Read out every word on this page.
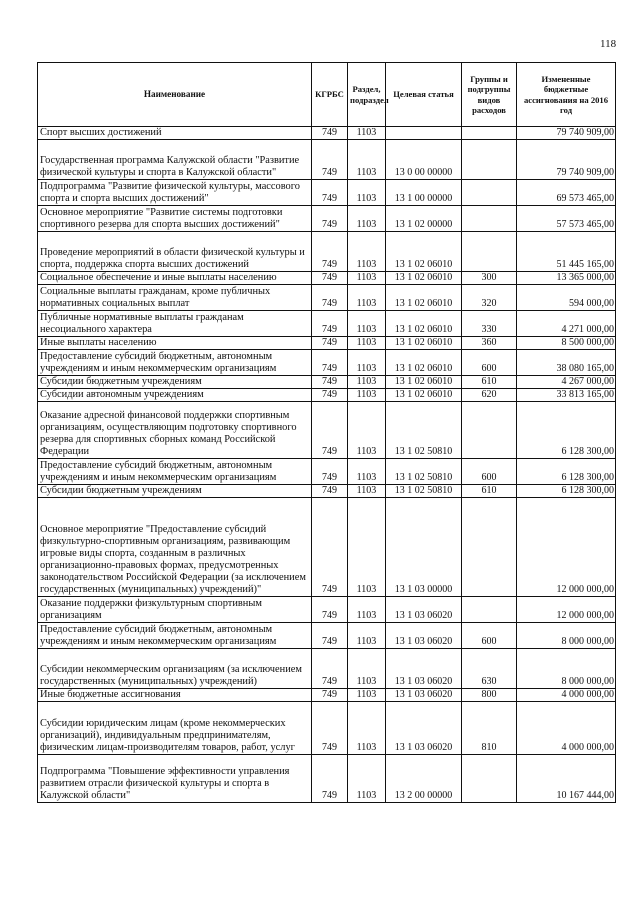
118
Наименование	КГРБС	Раздел, подраздел	Целевая статья	Группы и подгруппы видов расходов	Измененные бюджетные ассигнования на 2016 год
Спорт высших достижений	749	1103			79 740 909,00
Государственная программа Калужской области "Развитие физической культуры и спорта в Калужской области"	749	1103	13 0 00 00000		79 740 909,00
Подпрограмма "Развитие физической культуры, массового спорта и спорта высших достижений"	749	1103	13 1 00 00000		69 573 465,00
Основное мероприятие "Развитие системы подготовки спортивного резерва для спорта высших достижений"	749	1103	13 1 02 00000		57 573 465,00
Проведение мероприятий в области физической культуры и спорта, поддержка спорта высших достижений	749	1103	13 1 02 06010		51 445 165,00
Социальное обеспечение и иные выплаты населению	749	1103	13 1 02 06010	300	13 365 000,00
Социальные выплаты гражданам, кроме публичных нормативных социальных выплат	749	1103	13 1 02 06010	320	594 000,00
Публичные нормативные выплаты гражданам несоциального характера	749	1103	13 1 02 06010	330	4 271 000,00
Иные выплаты населению	749	1103	13 1 02 06010	360	8 500 000,00
Предоставление субсидий бюджетным, автономным учреждениям и иным некоммерческим организациям	749	1103	13 1 02 06010	600	38 080 165,00
Субсидии бюджетным учреждениям	749	1103	13 1 02 06010	610	4 267 000,00
Субсидии автономным учреждениям	749	1103	13 1 02 06010	620	33 813 165,00
Оказание адресной финансовой поддержки спортивным организациям, осуществляющим подготовку спортивного резерва для спортивных сборных команд Российской Федерации	749	1103	13 1 02 50810		6 128 300,00
Предоставление субсидий бюджетным, автономным учреждениям и иным некоммерческим организациям	749	1103	13 1 02 50810	600	6 128 300,00
Субсидии бюджетным учреждениям	749	1103	13 1 02 50810	610	6 128 300,00
Основное мероприятие "Предоставление субсидий физкультурно-спортивным организациям, развивающим игровые виды спорта, созданным в различных организационно-правовых формах, предусмотренных законодательством Российской Федерации (за исключением государственных (муниципальных) учреждений)"	749	1103	13 1 03 00000		12 000 000,00
Оказание поддержки физкультурным спортивным организациям	749	1103	13 1 03 06020		12 000 000,00
Предоставление субсидий бюджетным, автономным учреждениям и иным некоммерческим организациям	749	1103	13 1 03 06020	600	8 000 000,00
Субсидии некоммерческим организациям (за исключением государственных (муниципальных) учреждений)	749	1103	13 1 03 06020	630	8 000 000,00
Иные бюджетные ассигнования	749	1103	13 1 03 06020	800	4 000 000,00
Субсидии юридическим лицам (кроме некоммерческих организаций), индивидуальным предпринимателям, физическим лицам-производителям товаров, работ, услуг	749	1103	13 1 03 06020	810	4 000 000,00
Подпрограмма "Повышение эффективности управления развитием отрасли физической культуры и спорта в Калужской области"	749	1103	13 2 00 00000		10 167 444,00
